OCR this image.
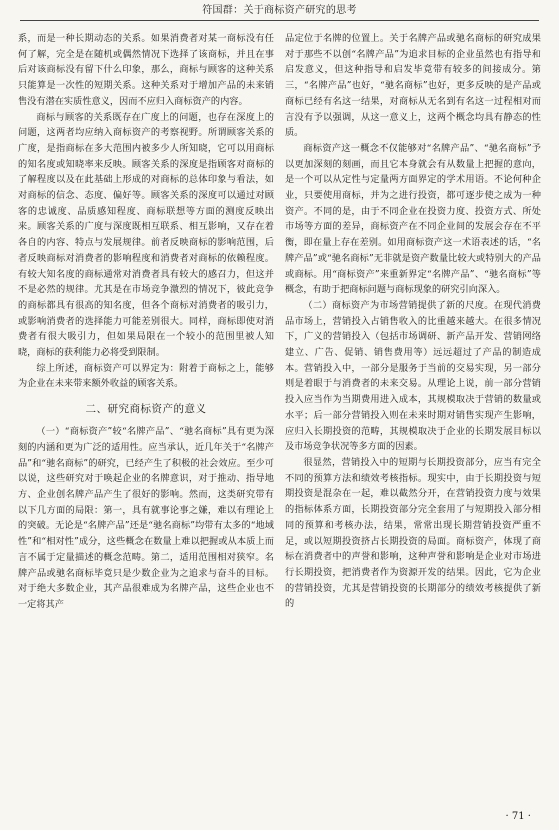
符国群：关于商标资产研究的思考

系，而是一种长期动态的关系。如果消费者对某一商标没有任何了解，完全是在随机或偶然情况下选择了该商标，并且在事后对该商标没有留下什么印象，那么，商标与顾客的这种关系只能算是一次性的短期关系。这种关系对于增加产品的未来销售没有潜在实质性意义，因而不应归入商标资产的内容。

商标与顾客的关系既存在广度上的问题，也存在深度上的问题，这两者均应纳入商标资产的考察视野。所谓顾客关系的广度，是指商标在多大范围内被多少人所知晓，它可以用商标的知名度或知晓率来反映。顾客关系的深度是指顾客对商标的了解程度以及在此基础上形成的对商标的总体印象与看法，如对商标的信念、态度、偏好等。顾客关系的深度可以通过对顾客的忠诚度、品质感知程度、商标联想等方面的测度反映出来。顾客关系的广度与深度既相互联系、相互影响，又存在着各自的内容、特点与发展规律。前者反映商标的影响范围，后者反映商标对消费者的影响程度和消费者对商标的依赖程度。有较大知名度的商标通常对消费者具有较大的感召力，但这并不是必然的规律。尤其是在市场竞争激烈的情况下，彼此竞争的商标都具有很高的知名度，但各个商标对消费者的吸引力，或影响消费者的选择能力可能差别很大。同样，商标即使对消费者有很大吸引力，但如果局限在一个较小的范围里被人知晓，商标的获利能力必将受到限制。

综上所述，商标资产可以界定为：附着于商标之上，能够为企业在未来带来额外收益的顾客关系。

二、研究商标资产的意义

（一）“商标资产”较“名牌产品”、“驰名商标”具有更为深刻的内涵和更为广泛的适用性。应当承认，近几年关于“名牌产品”和“驰名商标”的研究，已经产生了积极的社会效应。至少可以说，这些研究对于唤起企业的名牌意识，对于推动、指导地方、企业创名牌产品产生了很好的影响。然而，这类研究带有以下几方面的局限：第一，具有就事论事之嫌，难以有理论上的突破。无论是“名牌产品”还是“驰名商标”均带有太多的“地域性”和“相对性”成分，这些概念在数量上难以把握或从本质上而言不属于定量描述的概念范畴。第二，适用范围相对狭窄。名牌产品或驰名商标毕竟只是少数企业为之追求与奋斗的目标。对于绝大多数企业，其产品很难成为名牌产品，这些企业也不一定将其产

品定位于名牌的位置上。关于名牌产品或驰名商标的研究成果对于那些不以创“名牌产品”为追求目标的企业虽然也有指导和启发意义，但这种指导和启发毕竟带有较多的间接成分。第三，“名牌产品”也好，“驰名商标”也好，更多反映的是产品或商标已经有名这一结果，对商标从无名到有名这一过程相对而言没有予以强调，从这一意义上，这两个概念均具有静态的性质。

商标资产这一概念不仅能够对“名牌产品”、“驰名商标”予以更加深刻的刻画，而且它本身就会有从数量上把握的意向，是一个可以从定性与定量两方面界定的学术用语。不论何种企业，只要使用商标，并为之进行投资，都可逐步使之成为一种资产。不同的是，由于不同企业在投资力度、投资方式、所处市场等方面的差异，商标资产在不同企业间的发展会存在不平衡，即在量上存在差别。如用商标资产这一术语表述的话，“名牌产品”或“驰名商标”无非就是资产数量比较大或特别大的产品或商标。用“商标资产”来重新界定“名牌产品”、“驰名商标”等概念，有助于把商标问题与商标现象的研究引向深入。

（二）商标资产为市场营销提供了新的尺度。在现代消费品市场上，营销投入占销售收入的比重越来越大。在很多情况下，广义的营销投入（包括市场调研、新产品开发、营销网络建立、广告、促销、销售费用等）远远超过了产品的制造成本。营销投入中，一部分是服务于当前的交易实现，另一部分则是着眼于与消费者的未来交易。从理论上说，前一部分营销投入应当作为当期费用进入成本，其规模取决于营销的数量或水平；后一部分营销投入则在未来时期对销售实现产生影响，应归入长期投资的范畴，其规模取决于企业的长期发展目标以及市场竞争状况等多方面的因素。

很显然，营销投入中的短期与长期投资部分，应当有完全不同的预算方法和绩效考核指标。现实中，由于长期投资与短期投资是混杂在一起，难以截然分开，在营销投资力度与效果的指标体系方面，长期投资部分完全套用了与短期投入部分相同的预算和考核办法，结果，常常出现长期营销投资严重不足，或以短期投资挤占长期投资的局面。商标资产，体现了商标在消费者中的声誉和影响，这种声誉和影响是企业对市场进行长期投资，把消费者作为资源开发的结果。因此，它为企业的营销投资，尤其是营销投资的长期部分的绩效考核提供了新的

· 71 ·
